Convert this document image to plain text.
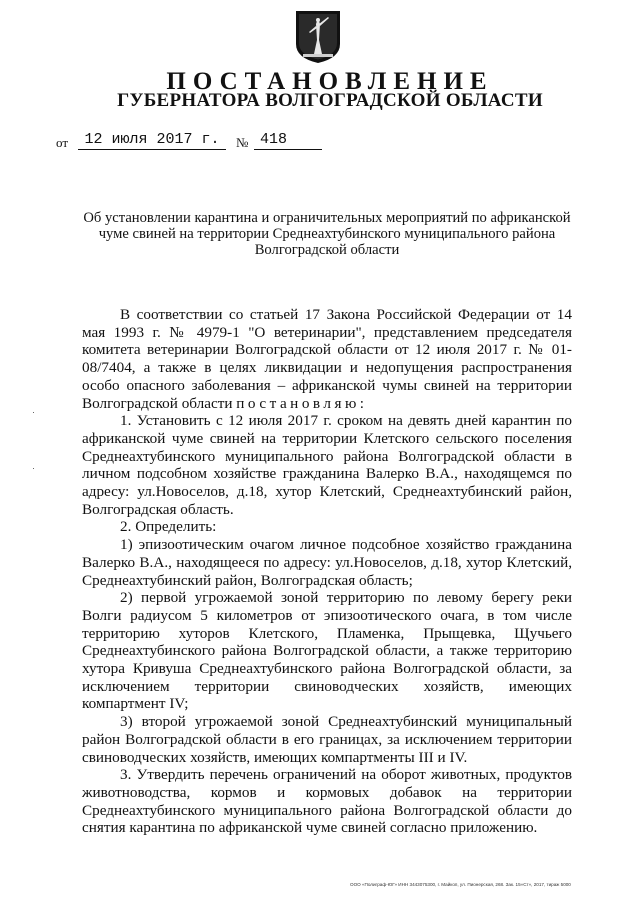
ПОСТАНОВЛЕНИЕ
ГУБЕРНАТОРА ВОЛГОГРАДСКОЙ ОБЛАСТИ
от	12 июля 2017 г.	№ 418
Об установлении карантина и ограничительных мероприятий по африканской чуме свиней на территории Среднеахтубинского муниципального района Волгоградской области

В соответствии со статьей 17 Закона Российской Федерации от 14 мая 1993 г. № 4979-1 "О ветеринарии", представлением председателя комитета ветеринарии Волгоградской области от 12 июля 2017 г. № 01-08/7404, а также в целях ликвидации и недопущения распространения особо опасного заболевания – африканской чумы свиней на территории Волгоградской области постановляю:

1. Установить с 12 июля 2017 г. сроком на девять дней карантин по африканской чуме свиней на территории Клетского сельского поселения Среднеахтубинского муниципального района Волгоградской области в личном подсобном хозяйстве гражданина Валерко В.А., находящемся по адресу: ул.Новоселов, д.18, хутор Клетский, Среднеахтубинский район, Волгоградская область.

2. Определить:

1) эпизоотическим очагом личное подсобное хозяйство гражданина Валерко В.А., находящееся по адресу: ул.Новоселов, д.18, хутор Клетский, Среднеахтубинский район, Волгоградская область;

2) первой угрожаемой зоной территорию по левому берегу реки Волги радиусом 5 километров от эпизоотического очага, в том числе территорию хуторов Клетского, Пламенка, Прыщевка, Щучьего Среднеахтубинского района Волгоградской области, а также территорию хутора Кривуша Среднеахтубинского района Волгоградской области, за исключением территории свиноводческих хозяйств, имеющих компартмент IV;

3) второй угрожаемой зоной Среднеахтубинский муниципальный район Волгоградской области в его границах, за исключением территории свиноводческих хозяйств, имеющих компартменты III и IV.

3. Утвердить перечень ограничений на оборот животных, продуктов животноводства, кормов и кормовых добавок на территории Среднеахтубинского муниципального района Волгоградской области до снятия карантина по африканской чуме свиней согласно приложению.

ООО «Полиграф-ЮГ» ИНН 3443075300, г. Майкоп, ул. Пионерская, 268. Зак. 15«Ст», 2017, тираж 5000
